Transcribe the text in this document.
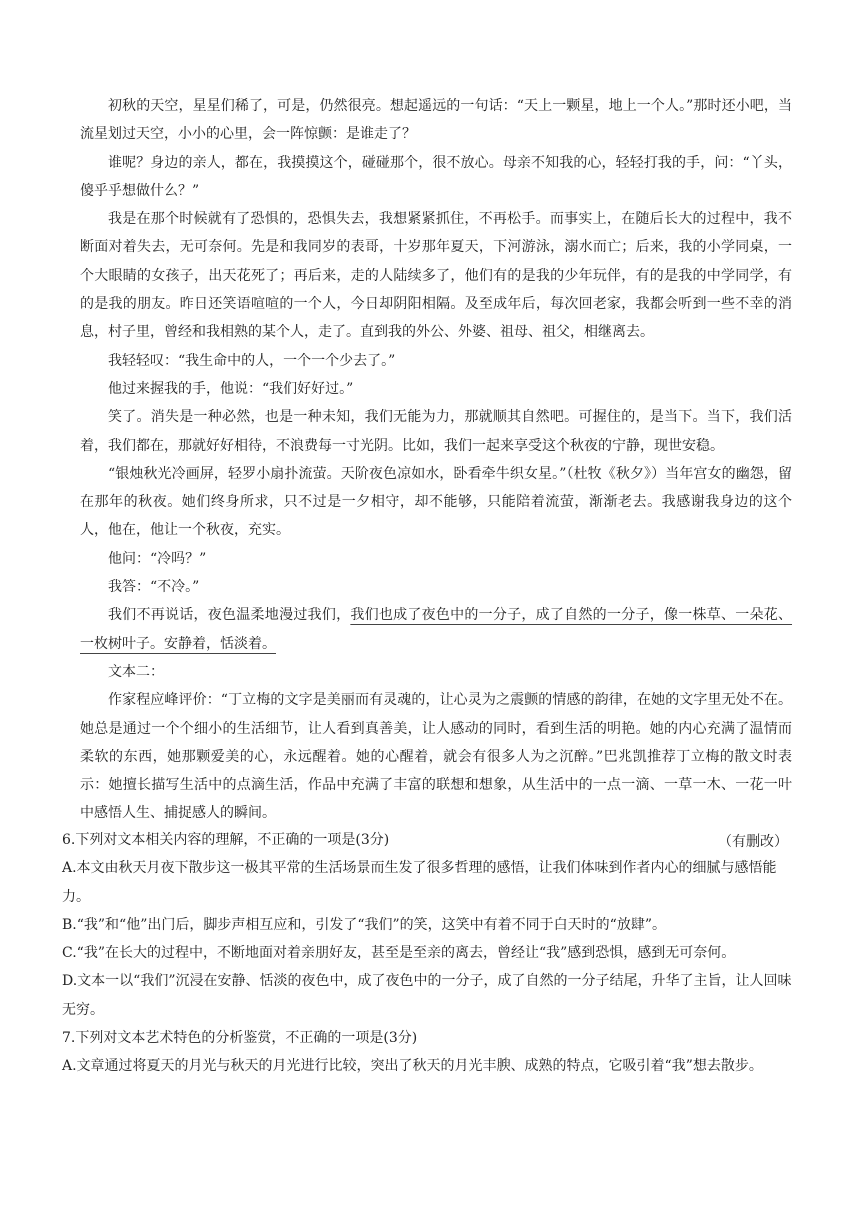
初秋的天空，星星们稀了，可是，仍然很亮。想起遥远的一句话：“天上一颗星，地上一个人。”那时还小吧，当流星划过天空，小小的心里，会一阵惊颤：是谁走了？

谁呢？身边的亲人，都在，我摸摸这个，碰碰那个，很不放心。母亲不知我的心，轻轻打我的手，问：“丫头，傻乎乎想做什么？”

我是在那个时候就有了恐惧的，恐惧失去，我想紧紧抓住，不再松手。而事实上，在随后长大的过程中，我不断面对着失去，无可奈何。先是和我同岁的表哥，十岁那年夏天，下河游泳，溺水而亡；后来，我的小学同桌，一个大眼睛的女孩子，出天花死了；再后来，走的人陆续多了，他们有的是我的少年玩伴，有的是我的中学同学，有的是我的朋友。昨日还笑语喧喧的一个人，今日却阴阳相隔。及至成年后，每次回老家，我都会听到一些不幸的消息，村子里，曾经和我相熟的某个人，走了。直到我的外公、外婆、祖母、祖父，相继离去。

我轻轻叹：“我生命中的人，一个一个少去了。”

他过来握我的手，他说：“我们好好过。”

笑了。消失是一种必然，也是一种未知，我们无能为力，那就顺其自然吧。可握住的，是当下。当下，我们活着，我们都在，那就好好相待，不浪费每一寸光阴。比如，我们一起来享受这个秋夜的宁静，现世安稳。

“银烛秋光冷画屏，轻罗小扇扑流萤。天阶夜色凉如水，卧看牵牛织女星。”（杜牧《秋夕》）当年宫女的幽怨，留在那年的秋夜。她们终身所求，只不过是一夕相守，却不能够，只能陪着流萤，渐渐老去。我感谢我身边的这个人，他在，他让一个秋夜，充实。

他问：“冷吗？”

我答：“不冷。”

我们不再说话，夜色温柔地漫过我们，我们也成了夜色中的一分子，成了自然的一分子，像一株草、一朵花、一枚树叶子。安静着，恬淡着。

文本二：

作家程应峰评价：“丁立梅的文字是美丽而有灵魂的，让心灵为之震颤的情感的韵律，在她的文字里无处不在。她总是通过一个个细小的生活细节，让人看到真善美，让人感动的同时，看到生活的明艳。她的内心充满了温情而柔软的东西，她那颗爱美的心，永远醒着。她的心醒着，就会有很多人为之沉醉。”巴兆凯推荐丁立梅的散文时表示：她擅长描写生活中的点滴生活，作品中充满了丰富的联想和想象，从生活中的一点一滴、一草一木、一花一叶中感悟人生、捕捉感人的瞬间。

（有删改）

6.下列对文本相关内容的理解，不正确的一项是(3分)

A.本文由秋天月夜下散步这一极其平常的生活场景而生发了很多哲理的感悟，让我们体味到作者内心的细腻与感悟能力。

B.“我”和“他”出门后，脚步声相互应和，引发了“我们”的笑，这笑中有着不同于白天时的“放肆”。

C.“我”在长大的过程中，不断地面对着亲朋好友，甚至是至亲的离去，曾经让“我”感到恐惧，感到无可奈何。

D.文本一以“我们”沉浸在安静、恬淡的夜色中，成了夜色中的一分子，成了自然的一分子结尾，升华了主旨，让人回味无穷。

7.下列对文本艺术特色的分析鉴赏，不正确的一项是(3分)

A.文章通过将夏天的月光与秋天的月光进行比较，突出了秋天的月光丰腴、成熟的特点，它吸引着“我”想去散步。
